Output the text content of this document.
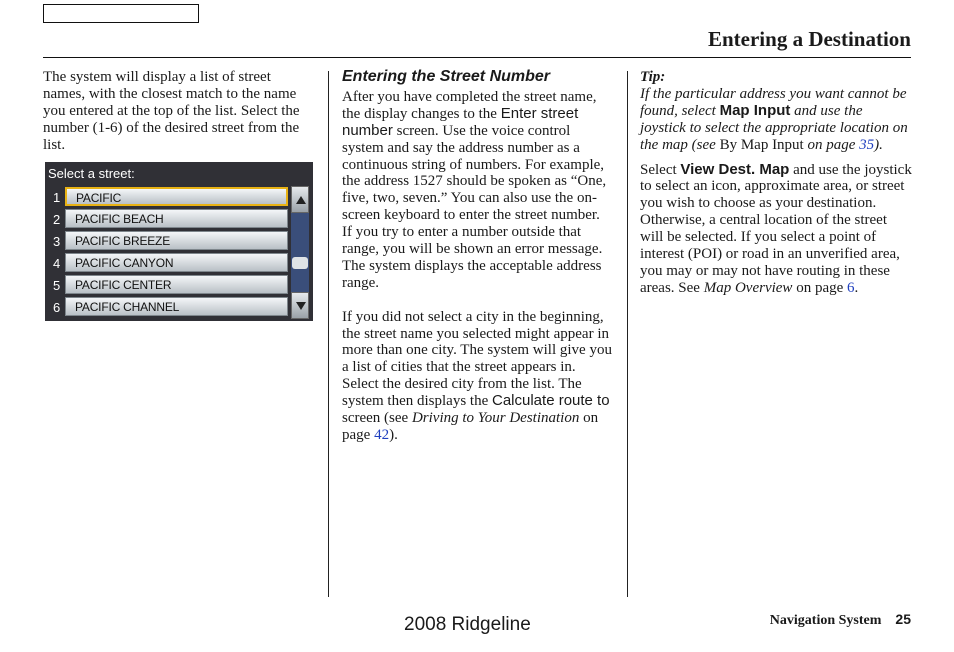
Entering a Destination

The system will display a list of street names, with the closest match to the name you entered at the top of the list. Select the number (1-6) of the desired street from the list.

Select a street:
1 PACIFIC
2 PACIFIC BEACH
3 PACIFIC BREEZE
4 PACIFIC CANYON
5 PACIFIC CENTER
6 PACIFIC CHANNEL
Entering the Street Number

After you have completed the street name, the display changes to the Enter street number screen. Use the voice control system and say the address number as a continuous string of numbers. For example, the address 1527 should be spoken as “One, five, two, seven.” You can also use the on-screen keyboard to enter the street number.

If you try to enter a number outside that range, you will be shown an error message. The system displays the acceptable address range.

If you did not select a city in the beginning, the street name you selected might appear in more than one city. The system will give you a list of cities that the street appears in. Select the desired city from the list. The system then displays the Calculate route to screen (see Driving to Your Destination on page 42).

Tip:

If the particular address you want cannot be found, select Map Input and use the joystick to select the appropriate location on the map (see By Map Input on page 35).

Select View Dest. Map and use the joystick to select an icon, approximate area, or street you wish to choose as your destination. Otherwise, a central location of the street will be selected. If you select a point of interest (POI) or road in an unverified area, you may or may not have routing in these areas. See Map Overview on page 6.

2008 Ridgeline	Navigation System 25
